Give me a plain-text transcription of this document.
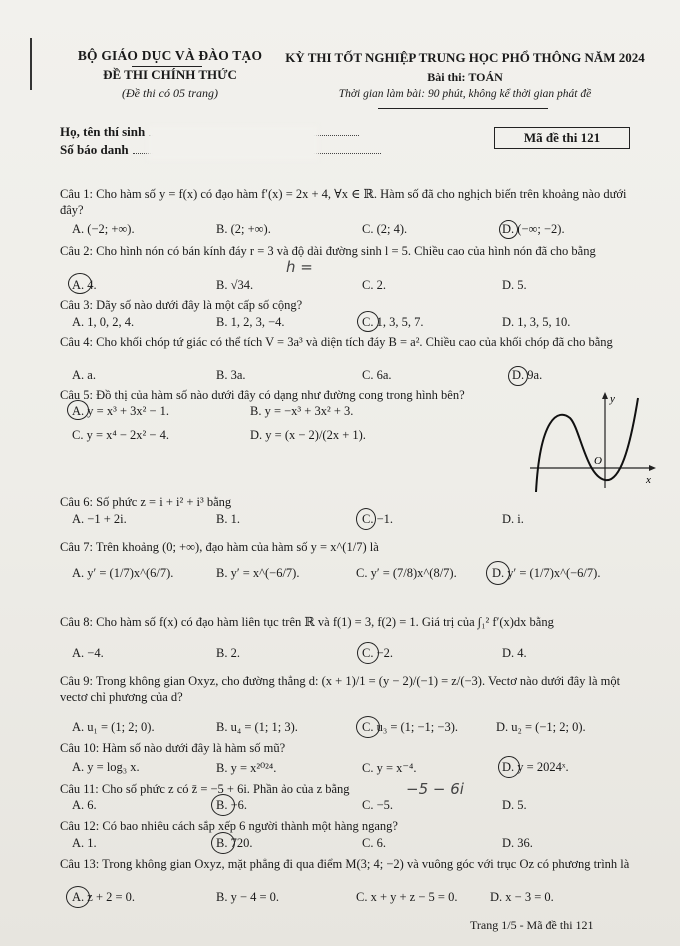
BỘ GIÁO DỤC VÀ ĐÀO TẠO
ĐỀ THI CHÍNH THỨC
(Đề thi có 05 trang)
KỲ THI TỐT NGHIỆP TRUNG HỌC PHỔ THÔNG NĂM 2024
Bài thi: TOÁN
Thời gian làm bài: 90 phút, không kể thời gian phát đề
Họ, tên thí sinh
Số báo danh
Mã đề thi 121
Câu 1: Cho hàm số y = f(x) có đạo hàm f′(x) = 2x + 4, ∀x ∈ ℝ. Hàm số đã cho nghịch biến trên khoảng nào dưới đây?
A. (−2; +∞).	B. (2; +∞).	C. (2; 4).	D. (−∞; −2).
Câu 2: Cho hình nón có bán kính đáy r = 3 và độ dài đường sinh l = 5. Chiều cao của hình nón đã cho bằng
A. 4.	B. √34.	C. 2.	D. 5.
h =
Câu 3: Dãy số nào dưới đây là một cấp số cộng?
A. 1, 0, 2, 4.	B. 1, 2, 3, −4.	C. 1, 3, 5, 7.	D. 1, 3, 5, 10.
Câu 4: Cho khối chóp tứ giác có thể tích V = 3a³ và diện tích đáy B = a². Chiều cao của khối chóp đã cho bằng
A. a.	B. 3a.	C. 6a.	D. 9a.
Câu 5: Đồ thị của hàm số nào dưới đây có dạng như đường cong trong hình bên?
A. y = x³ + 3x² − 1.	B. y = −x³ + 3x² + 3.
C. y = x⁴ − 2x² − 4.	D. y = (x − 2)/(2x + 1).
y
x
O
Câu 6: Số phức z = i + i² + i³ bằng
A. −1 + 2i.	B. 1.	C. −1.	D. i.
Câu 7: Trên khoảng (0; +∞), đạo hàm của hàm số y = x^(1/7) là
A. y′ = (1/7)x^(6/7).	B. y′ = x^(−6/7).	C. y′ = (7/8)x^(8/7).	D. y′ = (1/7)x^(−6/7).
Câu 8: Cho hàm số f(x) có đạo hàm liên tục trên ℝ và f(1) = 3, f(2) = 1. Giá trị của ∫₁² f′(x)dx bằng
A. −4.	B. 2.	C. −2.	D. 4.
Câu 9: Trong không gian Oxyz, cho đường thẳng d: (x + 1)/1 = (y − 2)/(−1) = z/(−3). Vectơ nào dưới đây là một vectơ chỉ phương của d?
A. u₁ = (1; 2; 0).	B. u₄ = (1; 1; 3).	C. u₃ = (1; −1; −3).	D. u₂ = (−1; 2; 0).
Câu 10: Hàm số nào dưới đây là hàm số mũ?
A. y = log₃ x.	B. y = x²⁰²⁴.	C. y = x⁻⁴.	D. y = 2024ˣ.
Câu 11: Cho số phức z có z̄ = −5 + 6i. Phần ảo của z bằng	−5 − 6i
A. 6.	B. −6.	C. −5.	D. 5.
Câu 12: Có bao nhiêu cách sắp xếp 6 người thành một hàng ngang?
A. 1.	B. 720.	C. 6.	D. 36.
Câu 13: Trong không gian Oxyz, mặt phẳng đi qua điểm M(3; 4; −2) và vuông góc với trục Oz có phương trình là
A. z + 2 = 0.	B. y − 4 = 0.	C. x + y + z − 5 = 0.	D. x − 3 = 0.
Trang 1/5 - Mã đề thi 121
